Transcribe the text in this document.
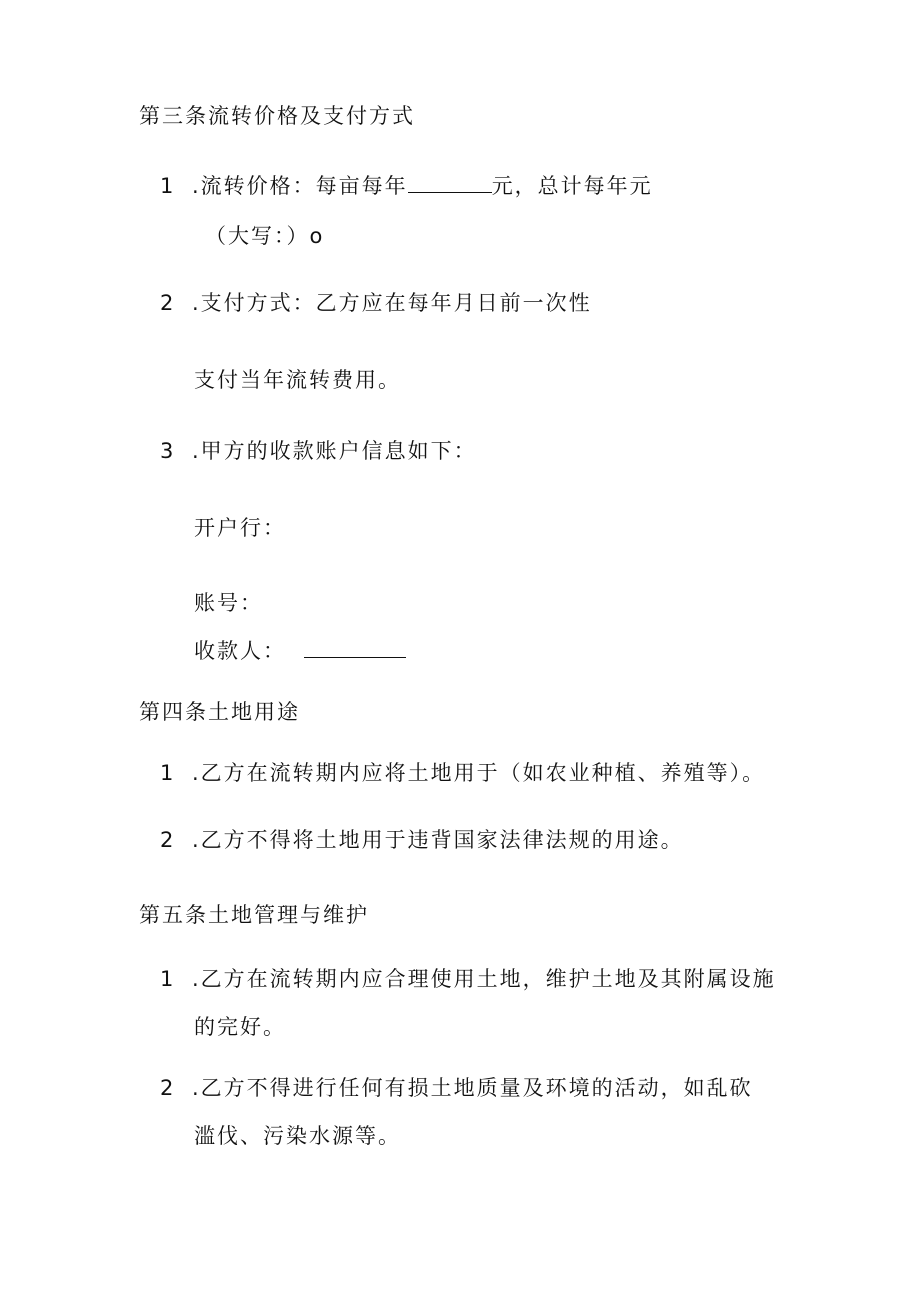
第三条流转价格及支付方式
1 .流转价格：每亩每年	元，总计每年元
（大写：）o
2 .支付方式：乙方应在每年月日前一次性
支付当年流转费用。
3 .甲方的收款账户信息如下：
开户行：
账号：
收款人：
第四条土地用途
1 .乙方在流转期内应将土地用于（如农业种植、养殖等）。
2 .乙方不得将土地用于违背国家法律法规的用途。
第五条土地管理与维护
1 .乙方在流转期内应合理使用土地，维护土地及其附属设施
的完好。
2 .乙方不得进行任何有损土地质量及环境的活动，如乱砍
滥伐、污染水源等。
